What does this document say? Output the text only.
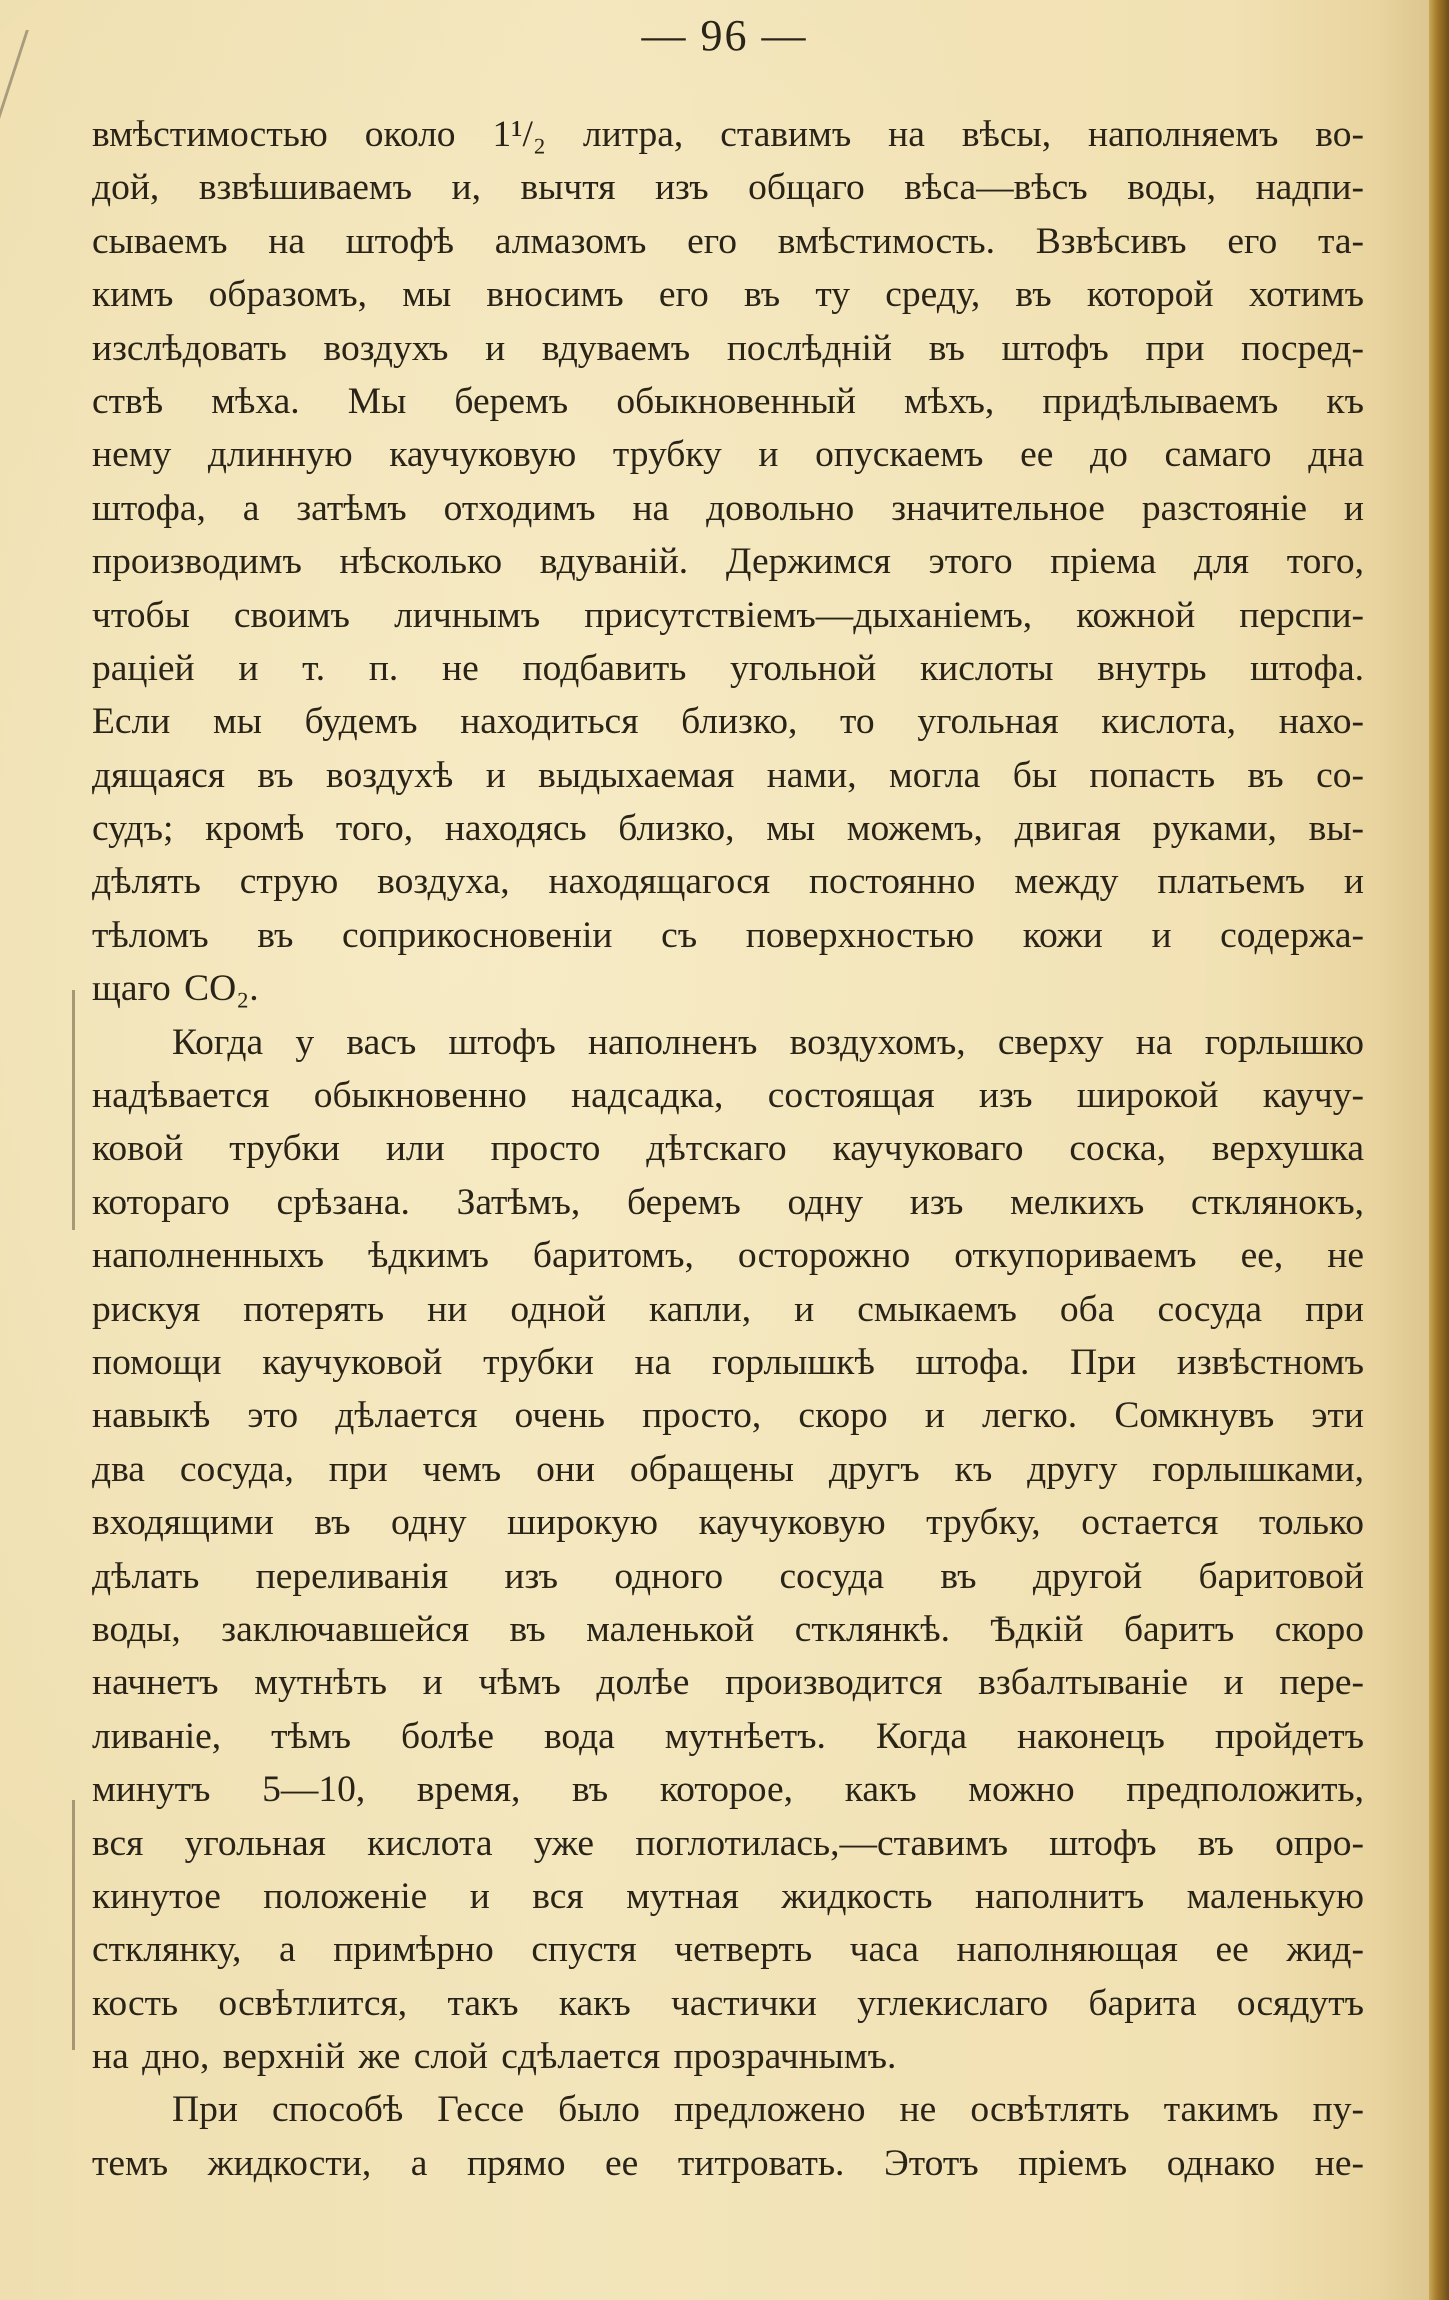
— 96 —
вмѣстимостью около 1¹/₂ литра, ставимъ на вѣсы, наполняемъ во-
дой, взвѣшиваемъ и, вычтя изъ общаго вѣса—вѣсъ воды, надпи-
сываемъ на штофѣ алмазомъ его вмѣстимость. Взвѣсивъ его та-
кимъ образомъ, мы вносимъ его въ ту среду, въ которой хотимъ
изслѣдовать воздухъ и вдуваемъ послѣдній въ штофъ при посред-
ствѣ мѣха. Мы беремъ обыкновенный мѣхъ, придѣлываемъ къ
нему длинную каучуковую трубку и опускаемъ ее до самаго дна
штофа, а затѣмъ отходимъ на довольно значительное разстояніе и
производимъ нѣсколько вдуваній. Держимся этого пріема для того,
чтобы своимъ личнымъ присутствіемъ—дыханіемъ, кожной перспи-
раціей и т. п. не подбавить угольной кислоты внутрь штофа.
Если мы будемъ находиться близко, то угольная кислота, нахо-
дящаяся въ воздухѣ и выдыхаемая нами, могла бы попасть въ со-
судъ; кромѣ того, находясь близко, мы можемъ, двигая руками, вы-
дѣлять струю воздуха, находящагося постоянно между платьемъ и
тѣломъ въ соприкосновеніи съ поверхностью кожи и содержа-
щаго CO₂.
Когда у васъ штофъ наполненъ воздухомъ, сверху на горлышко
надѣвается обыкновенно надсадка, состоящая изъ широкой каучу-
ковой трубки или просто дѣтскаго каучуковаго соска, верхушка
котораго срѣзана. Затѣмъ, беремъ одну изъ мелкихъ стклянокъ,
наполненныхъ ѣдкимъ баритомъ, осторожно откупориваемъ ее, не
рискуя потерять ни одной капли, и смыкаемъ оба сосуда при
помощи каучуковой трубки на горлышкѣ штофа. При извѣстномъ
навыкѣ это дѣлается очень просто, скоро и легко. Сомкнувъ эти
два сосуда, при чемъ они обращены другъ къ другу горлышками,
входящими въ одну широкую каучуковую трубку, остается только
дѣлать переливанія изъ одного сосуда въ другой баритовой
воды, заключавшейся въ маленькой стклянкѣ. Ѣдкій баритъ скоро
начнетъ мутнѣть и чѣмъ долѣе производится взбалтываніе и пере-
ливаніе, тѣмъ болѣе вода мутнѣетъ. Когда наконецъ пройдетъ
минутъ 5—10, время, въ которое, какъ можно предположить,
вся угольная кислота уже поглотилась,—ставимъ штофъ въ опро-
кинутое положеніе и вся мутная жидкость наполнитъ маленькую
стклянку, а примѣрно спустя четверть часа наполняющая ее жид-
кость освѣтлится, такъ какъ частички углекислаго барита осядутъ
на дно, верхній же слой сдѣлается прозрачнымъ.
При способѣ Гессе было предложено не освѣтлять такимъ пу-
темъ жидкости, а прямо ее титровать. Этотъ пріемъ однако не-
